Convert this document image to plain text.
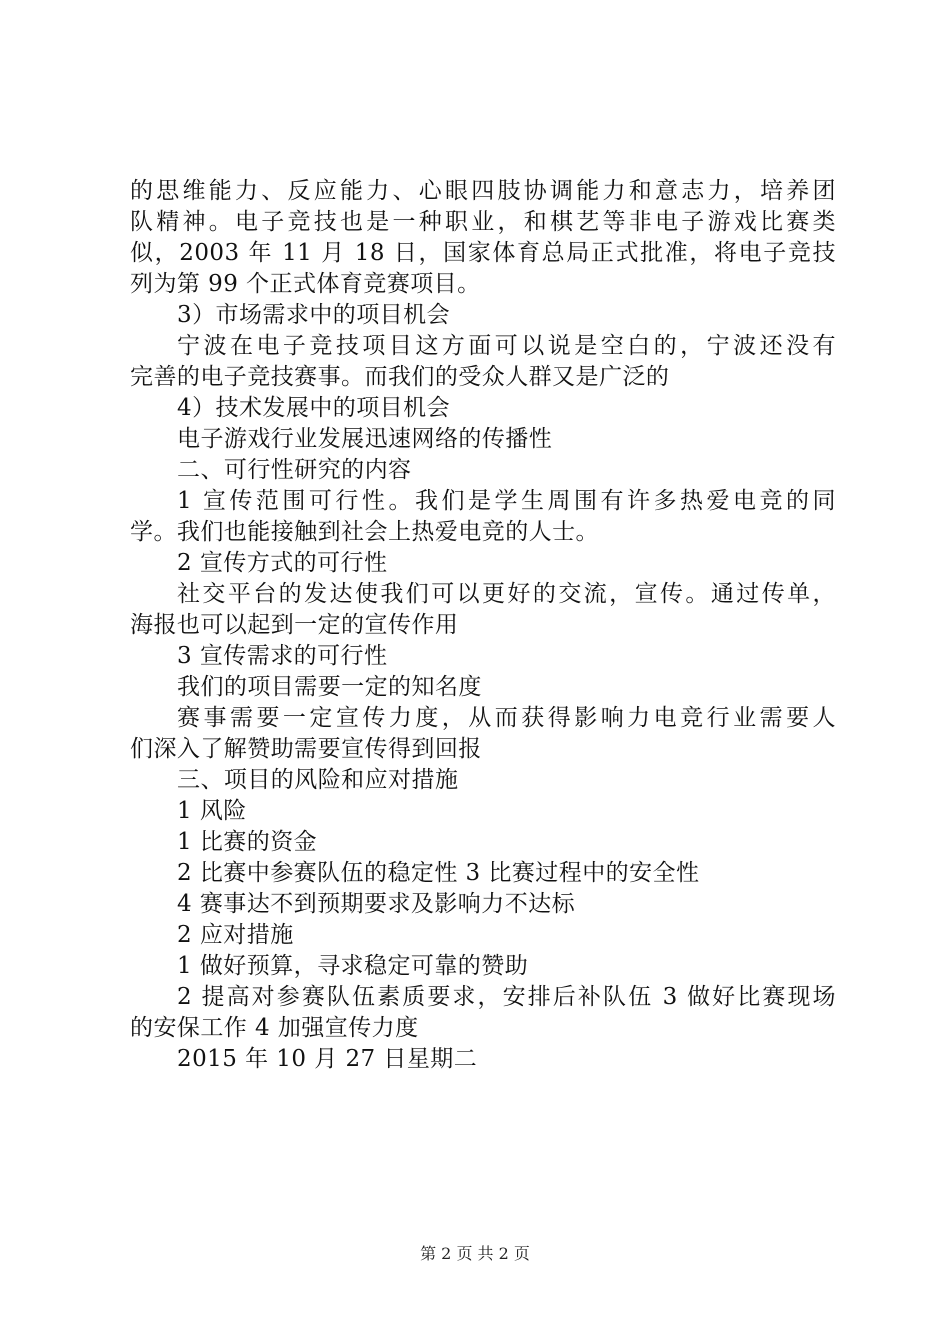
的思维能力、反应能力、心眼四肢协调能力和意志力，培养团
队精神。电子竞技也是一种职业，和棋艺等非电子游戏比赛类
似，2003 年 11 月 18 日，国家体育总局正式批准，将电子竞技
列为第 99 个正式体育竞赛项目。
3）市场需求中的项目机会
宁波在电子竞技项目这方面可以说是空白的，宁波还没有
完善的电子竞技赛事。而我们的受众人群又是广泛的
4）技术发展中的项目机会
电子游戏行业发展迅速网络的传播性
二、可行性研究的内容
1 宣传范围可行性。我们是学生周围有许多热爱电竞的同
学。我们也能接触到社会上热爱电竞的人士。
2 宣传方式的可行性
社交平台的发达使我们可以更好的交流，宣传。通过传单，
海报也可以起到一定的宣传作用
3 宣传需求的可行性
我们的项目需要一定的知名度
赛事需要一定宣传力度，从而获得影响力电竞行业需要人
们深入了解赞助需要宣传得到回报
三、项目的风险和应对措施
1 风险
1 比赛的资金
2 比赛中参赛队伍的稳定性 3 比赛过程中的安全性
4 赛事达不到预期要求及影响力不达标
2 应对措施
1 做好预算，寻求稳定可靠的赞助
2 提高对参赛队伍素质要求，安排后补队伍 3 做好比赛现场
的安保工作 4 加强宣传力度
2015 年 10 月 27 日星期二
第 2 页 共 2 页
